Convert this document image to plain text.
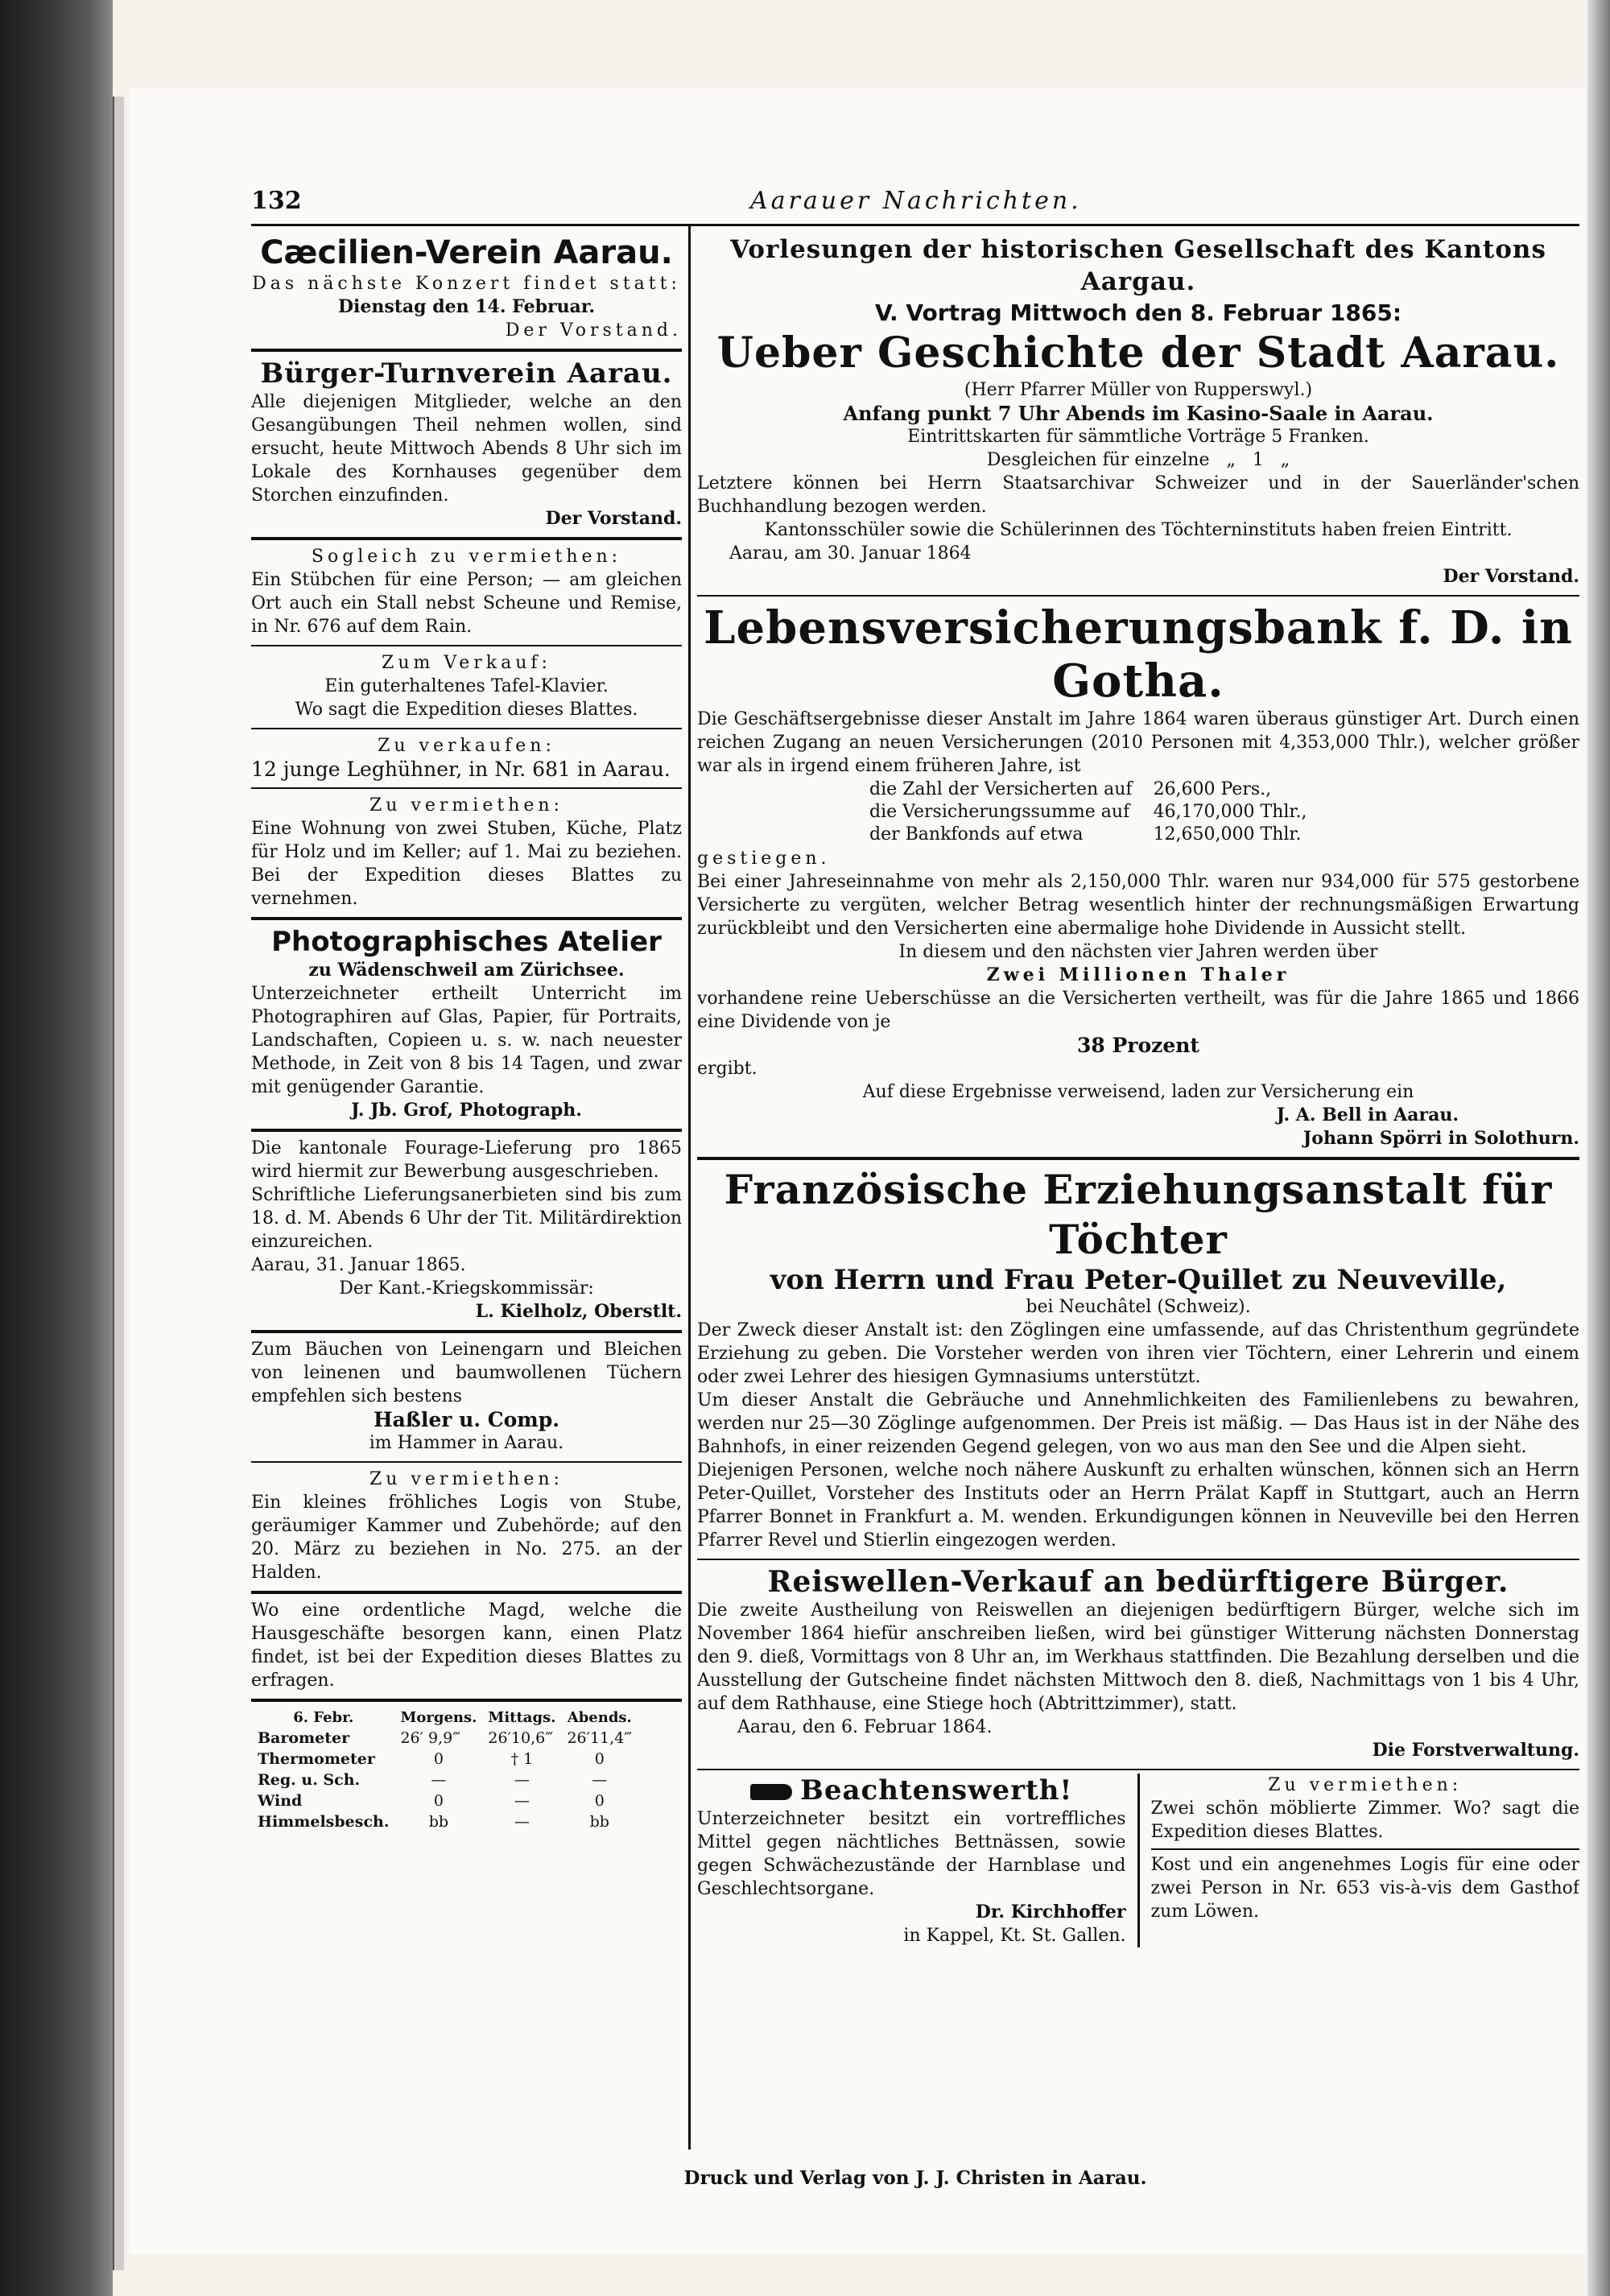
132	Aarauer Nachrichten.
Cæcilien-Verein Aarau.
Das nächste Konzert findet statt:
Dienstag den 14. Februar.
Der Vorstand.
Bürger-Turnverein Aarau.
Alle diejenigen Mitglieder, welche an den Gesangübungen Theil nehmen wollen, sind ersucht, heute Mittwoch Abends 8 Uhr sich im Lokale des Kornhauses gegenüber dem Storchen einzufinden.
Der Vorstand.
Sogleich zu vermiethen:
Ein Stübchen für eine Person; — am gleichen Ort auch ein Stall nebst Scheune und Remise, in Nr. 676 auf dem Rain.
Zum Verkauf:
Ein guterhaltenes Tafel-Klavier.
Wo sagt die Expedition dieses Blattes.
Zu verkaufen:
12 junge Leghühner, in Nr. 681 in Aarau.
Zu vermiethen:
Eine Wohnung von zwei Stuben, Küche, Platz für Holz und im Keller; auf 1. Mai zu beziehen. Bei der Expedition dieses Blattes zu vernehmen.
Photographisches Atelier
zu Wädenschweil am Zürichsee.
Unterzeichneter ertheilt Unterricht im Photographiren auf Glas, Papier, für Portraits, Landschaften, Copieen u. s. w. nach neuester Methode, in Zeit von 8 bis 14 Tagen, und zwar mit genügender Garantie.
J. Jb. Grof, Photograph.
Die kantonale Fourage-Lieferung pro 1865 wird hiermit zur Bewerbung ausgeschrieben.
Schriftliche Lieferungsanerbieten sind bis zum 18. d. M. Abends 6 Uhr der Tit. Militärdirektion einzureichen.
Aarau, 31. Januar 1865.
Der Kant.-Kriegskommissär:
L. Kielholz, Oberstlt.
Zum Bäuchen von Leinengarn und Bleichen von leinenen und baumwollenen Tüchern empfehlen sich bestens
Haßler u. Comp.
im Hammer in Aarau.
Zu vermiethen:
Ein kleines fröhliches Logis von Stube, geräumiger Kammer und Zubehörde; auf den 20. März zu beziehen in No. 275. an der Halden.
Wo eine ordentliche Magd, welche die Hausgeschäfte besorgen kann, einen Platz findet, ist bei der Expedition dieses Blattes zu erfragen.
6. Febr.	Morgens.	Mittags.	Abends.
Barometer	26′ 9,9‴	26′10,6‴	26′11,4‴
Thermometer	0	† 1	0
Reg. u. Sch.	—	—	—
Wind	0	—	0
Himmelsbesch.	bb	—	bb
Vorlesungen der historischen Gesellschaft des Kantons Aargau.
V. Vortrag Mittwoch den 8. Februar 1865:
Ueber Geschichte der Stadt Aarau.
(Herr Pfarrer Müller von Rupperswyl.)
Anfang punkt 7 Uhr Abends im Kasino-Saale in Aarau.
Eintrittskarten für sämmtliche Vorträge 5 Franken.
Desgleichen für einzelne   „   1   „
Letztere können bei Herrn Staatsarchivar Schweizer und in der Sauerländer'schen Buchhandlung bezogen werden.
Kantonsschüler sowie die Schülerinnen des Töchterninstituts haben freien Eintritt.
Aarau, am 30. Januar 1864
Der Vorstand.
Lebensversicherungsbank f. D. in Gotha.
Die Geschäftsergebnisse dieser Anstalt im Jahre 1864 waren überaus günstiger Art. Durch einen reichen Zugang an neuen Versicherungen (2010 Personen mit 4,353,000 Thlr.), welcher größer war als in irgend einem früheren Jahre, ist
die Zahl der Versicherten auf	26,600 Pers.,
die Versicherungssumme auf	46,170,000 Thlr.,
der Bankfonds auf etwa	12,650,000 Thlr.
gestiegen.
Bei einer Jahreseinnahme von mehr als 2,150,000 Thlr. waren nur 934,000 für 575 gestorbene Versicherte zu vergüten, welcher Betrag wesentlich hinter der rechnungsmäßigen Erwartung zurückbleibt und den Versicherten eine abermalige hohe Dividende in Aussicht stellt.
In diesem und den nächsten vier Jahren werden über
Zwei Millionen Thaler
vorhandene reine Ueberschüsse an die Versicherten vertheilt, was für die Jahre 1865 und 1866 eine Dividende von je
38 Prozent
ergibt.
Auf diese Ergebnisse verweisend, laden zur Versicherung ein
J. A. Bell in Aarau.
Johann Spörri in Solothurn.
Französische Erziehungsanstalt für Töchter
von Herrn und Frau Peter-Quillet zu Neuveville,
bei Neuchâtel (Schweiz).
Der Zweck dieser Anstalt ist: den Zöglingen eine umfassende, auf das Christenthum gegründete Erziehung zu geben. Die Vorsteher werden von ihren vier Töchtern, einer Lehrerin und einem oder zwei Lehrer des hiesigen Gymnasiums unterstützt.
Um dieser Anstalt die Gebräuche und Annehmlichkeiten des Familienlebens zu bewahren, werden nur 25—30 Zöglinge aufgenommen. Der Preis ist mäßig. — Das Haus ist in der Nähe des Bahnhofs, in einer reizenden Gegend gelegen, von wo aus man den See und die Alpen sieht.
Diejenigen Personen, welche noch nähere Auskunft zu erhalten wünschen, können sich an Herrn Peter-Quillet, Vorsteher des Instituts oder an Herrn Prälat Kapff in Stuttgart, auch an Herrn Pfarrer Bonnet in Frankfurt a. M. wenden. Erkundigungen können in Neuveville bei den Herren Pfarrer Revel und Stierlin eingezogen werden.
Reiswellen-Verkauf an bedürftigere Bürger.
Die zweite Austheilung von Reiswellen an diejenigen bedürftigern Bürger, welche sich im November 1864 hiefür anschreiben ließen, wird bei günstiger Witterung nächsten Donnerstag den 9. dieß, Vormittags von 8 Uhr an, im Werkhaus stattfinden. Die Bezahlung derselben und die Ausstellung der Gutscheine findet nächsten Mittwoch den 8. dieß, Nachmittags von 1 bis 4 Uhr, auf dem Rathhause, eine Stiege hoch (Abtrittzimmer), statt.
Aarau, den 6. Februar 1864.
Die Forstverwaltung.
Beachtenswerth!
Unterzeichneter besitzt ein vortreffliches Mittel gegen nächtliches Bettnässen, sowie gegen Schwächezustände der Harnblase und Geschlechtsorgane.
Dr. Kirchhoffer
in Kappel, Kt. St. Gallen.
Zu vermiethen:
Zwei schön möblierte Zimmer. Wo? sagt die Expedition dieses Blattes.
Kost und ein angenehmes Logis für eine oder zwei Person in Nr. 653 vis-à-vis dem Gasthof zum Löwen.
Druck und Verlag von J. J. Christen in Aarau.
